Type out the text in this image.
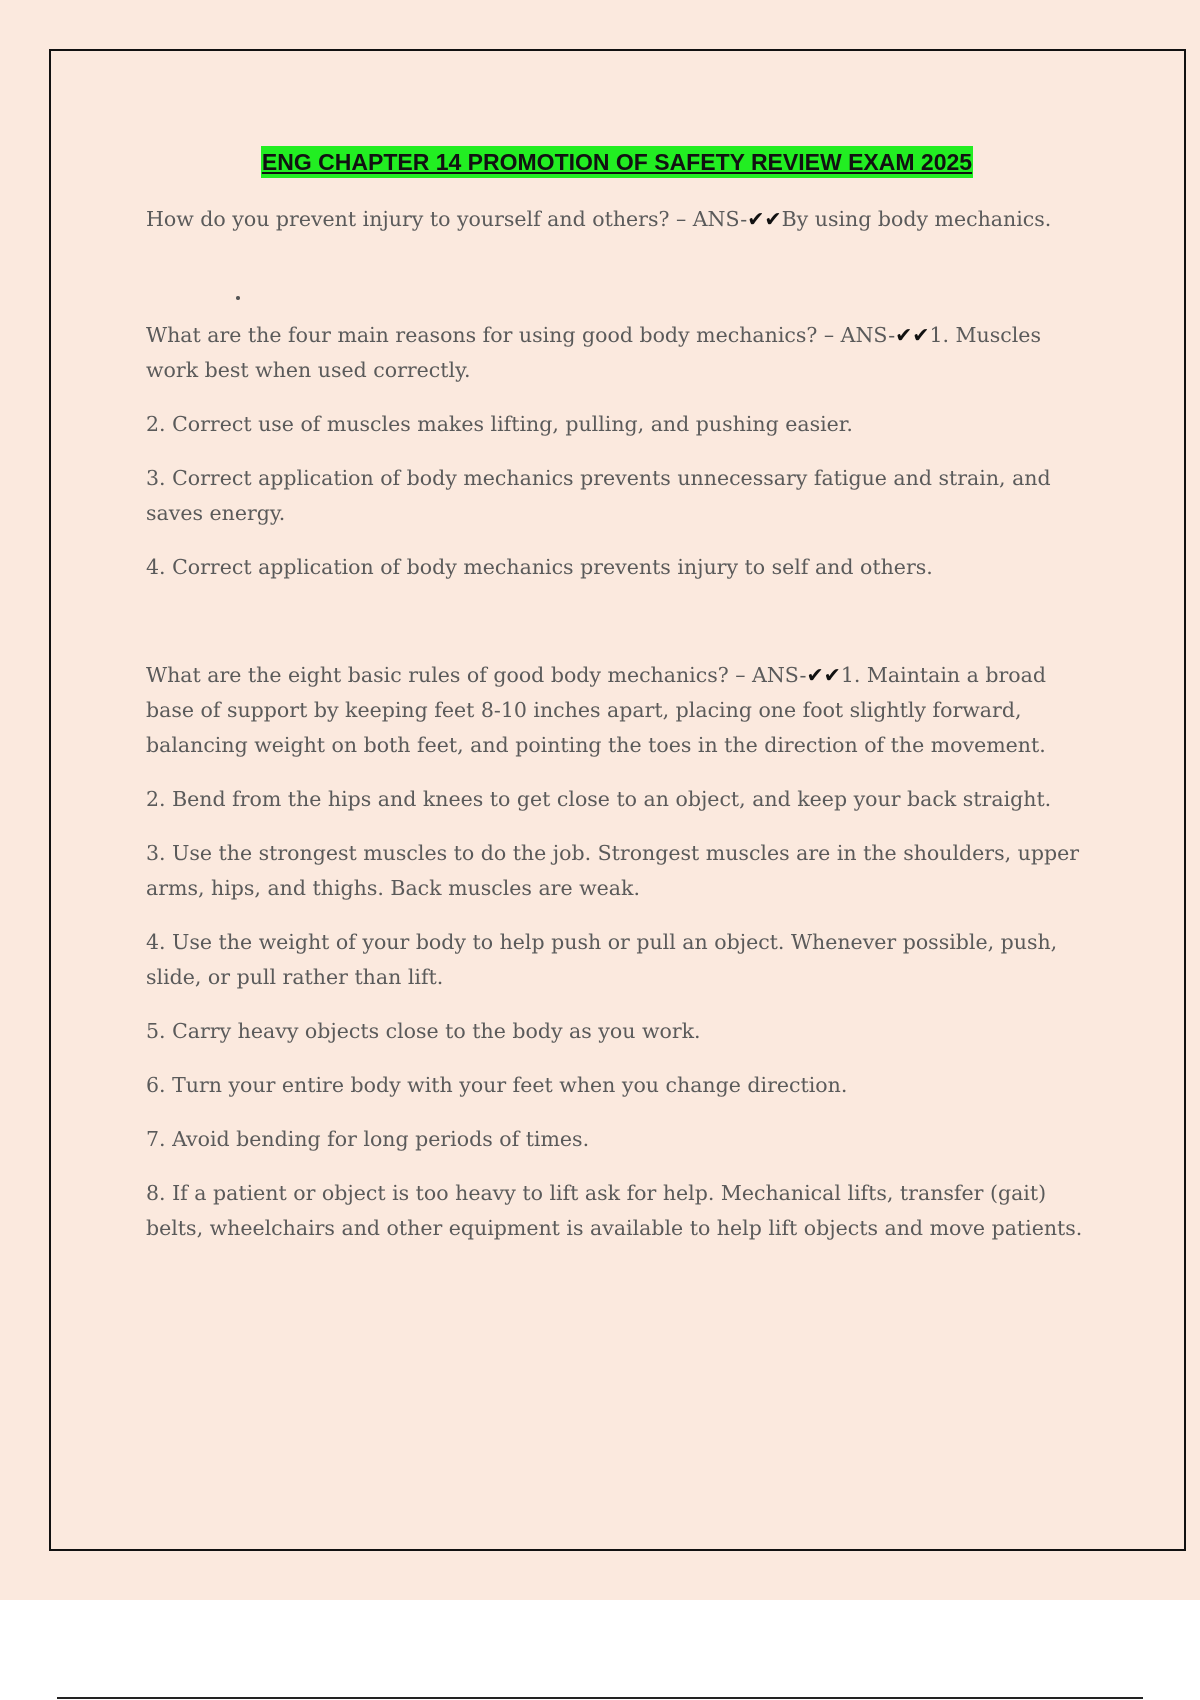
ENG CHAPTER 14 PROMOTION OF SAFETY REVIEW EXAM 2025

How do you prevent injury to yourself and others? – ANS-✔✔By using body mechanics.

What are the four main reasons for using good body mechanics? – ANS-✔✔1. Muscles work best when used correctly.

2. Correct use of muscles makes lifting, pulling, and pushing easier.

3. Correct application of body mechanics prevents unnecessary fatigue and strain, and saves energy.

4. Correct application of body mechanics prevents injury to self and others.

What are the eight basic rules of good body mechanics? – ANS-✔✔1. Maintain a broad base of support by keeping feet 8-10 inches apart, placing one foot slightly forward, balancing weight on both feet, and pointing the toes in the direction of the movement.

2. Bend from the hips and knees to get close to an object, and keep your back straight.

3. Use the strongest muscles to do the job. Strongest muscles are in the shoulders, upper arms, hips, and thighs. Back muscles are weak.

4. Use the weight of your body to help push or pull an object. Whenever possible, push, slide, or pull rather than lift.

5. Carry heavy objects close to the body as you work.

6. Turn your entire body with your feet when you change direction.

7. Avoid bending for long periods of times.

8. If a patient or object is too heavy to lift ask for help. Mechanical lifts, transfer (gait) belts, wheelchairs and other equipment is available to help lift objects and move patients.
